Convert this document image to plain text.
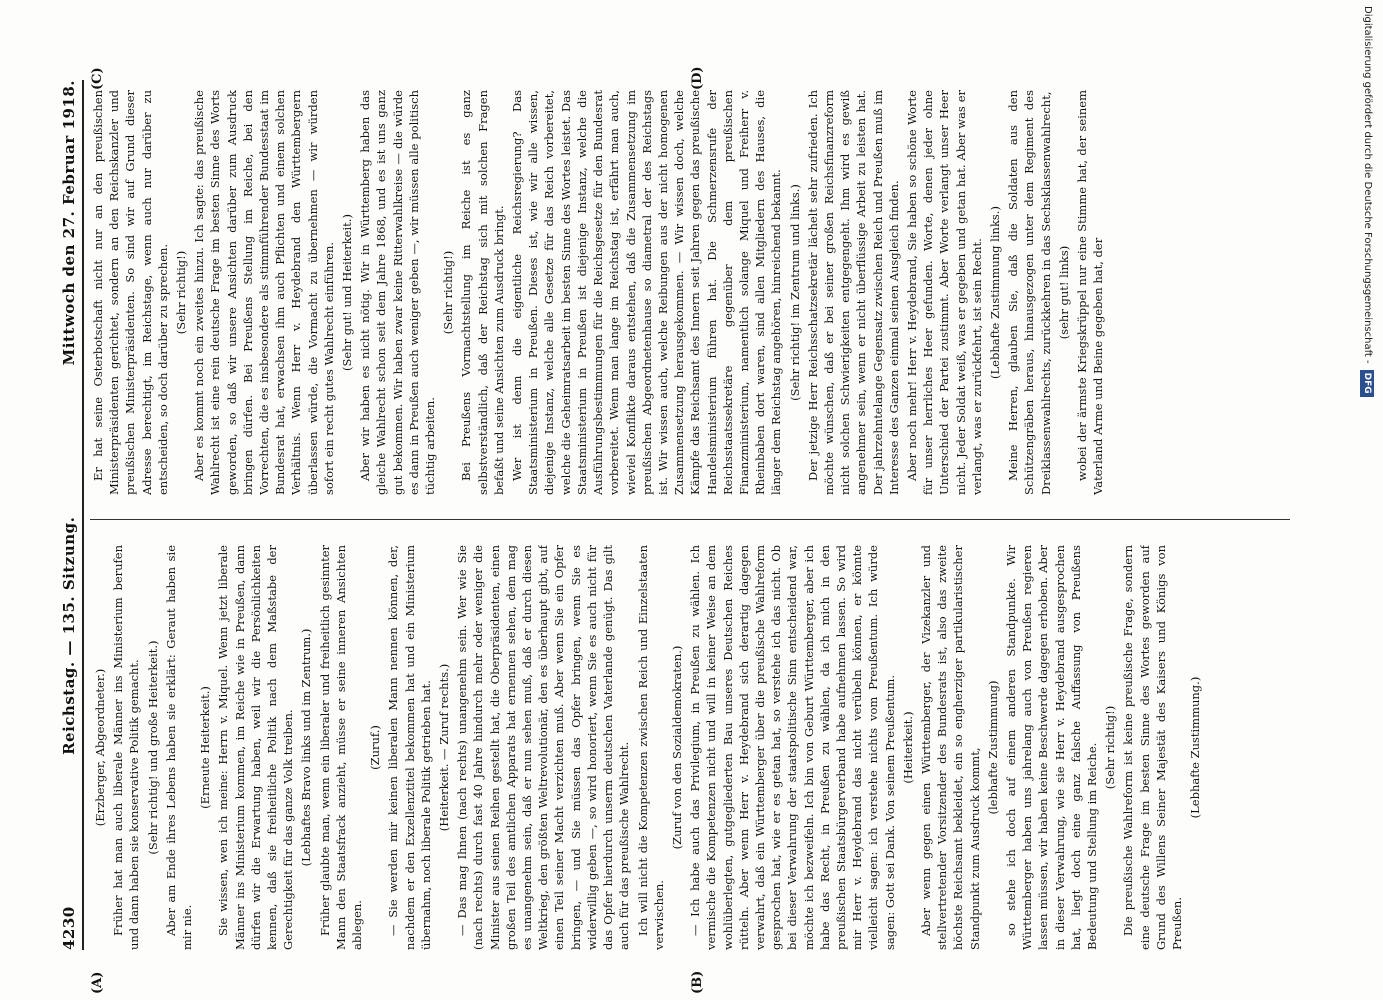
4230
Reichstag. — 135. Sitzung.
Mittwoch den 27. Februar 1918.
(A)	(B)
(C)	(D)

(Erzberger, Abgeordneter.) Früher hat man auch liberale Männer ins Ministerium berufen und dann haben sie konservative Politik gemacht. (Sehr richtig! und große Heiterkeit.) Aber am Ende ihres Lebens haben sie erklärt: Geraut haben sie mir nie.

(Erneute Heiterkeit.) Sie wissen, wen ich meine: Herrn v. Miquel. Wenn jetzt liberale Männer ins Ministerium kommen, im Reiche wie in Preußen, dann dürfen wir die Erwartung haben, weil wir die Persönlichkeiten kennen, daß sie freiheitliche Politik nach dem Maßstabe der Gerechtigkeit für das ganze Volk treiben. (Lebhaftes Bravo links und im Zentrum.) Früher glaubte man, wenn ein liberaler und freiheitlich gesinnter Mann den Staatsfrack anzieht, müsse er seine inneren Ansichten ablegen.

(Zuruf.) — Sie werden mir keinen liberalen Mann nennen können, der, nachdem er den Exzellenztitel bekommen hat und ein Ministerium übernahm, noch liberale Politik getrieben hat. (Heiterkeit. — Zuruf rechts.) — Das mag Ihnen (nach rechts) unangenehm sein. Wer wie Sie (nach rechts) durch fast 40 Jahre hindurch mehr oder weniger die Minister aus seinen Reihen gestellt hat, die Oberpräsidenten, einen großen Teil des amtlichen Apparats hat ernennen sehen, dem mag es unangenehm sein, daß er nun sehen muß, daß er durch diesen Weltkrieg, den größten Weltrevolutionär, den es überhaupt gibt, auf einen Teil seiner Macht verzichten muß. Aber wenn Sie ein Opfer bringen, — und Sie müssen das Opfer bringen, wenn Sie es widerwillig geben —, so wird honoriert, wenn Sie es auch nicht für das Opfer hierdurch unserm deutschen Vaterlande genügt. Das gilt auch für das preußische Wahlrecht. Ich will nicht die Kompetenzen zwischen Reich und Einzelstaaten verwischen.

(Zuruf von den Sozialdemokraten.) — Ich habe auch das Privilegium, in Preußen zu wählen. Ich vermische die Kompetenzen nicht und will in keiner Weise an dem wohlüberlegten, gutgegliederten Bau unseres Deutschen Reiches rütteln. Aber wenn Herr v. Heydebrand sich derartig dagegen verwahrt, daß ein Württemberger über die preußische Wahlreform gesprochen hat, wie er es getan hat, so verstehe ich das nicht. Ob bei dieser Verwahrung der staatspolitische Sinn entscheidend war, möchte ich bezweifeln. Ich bin von Geburt Württemberger, aber ich habe das Recht, in Preußen zu wählen, da ich mich in den preußischen Staatsbürgerverband habe aufnehmen lassen. So wird mir Herr v. Heydebrand das nicht verübeln können, er könnte vielleicht sagen: ich verstehe nichts vom Preußentum. Ich würde sagen: Gott sei Dank. Von seinem Preußentum. (Heiterkeit.) Aber wenn gegen einen Württemberger, der Vizekanzler und stellvertretender Vorsitzender des Bundesrats ist, also das zweite höchste Reichsamt bekleidet, ein so engherziger partikularistischer Standpunkt zum Ausdruck kommt, (lebhafte Zustimmung) so stehe ich doch auf einem anderen Standpunkte. Wir Württemberger haben uns jahrelang auch von Preußen regieren lassen müssen, wir haben keine Beschwerde dagegen erhoben. Aber in dieser Verwahrung, wie sie Herr v. Heydebrand ausgesprochen hat, liegt doch eine ganz falsche Auffassung von Preußens Bedeutung und Stellung im Reiche. (Sehr richtig!) Die preußische Wahlreform ist keine preußische Frage, sondern eine deutsche Frage im besten Sinne des Wortes geworden auf Grund des Willens Seiner Majestät des Kaisers und Königs von Preußen.

(Lebhafte Zustimmung.)

Er hat seine Osterbotschaft nicht nur an den preußischen Ministerpräsidenten gerichtet, sondern an den Reichskanzler und preußischen Ministerpräsidenten. So sind wir auf Grund dieser Adresse berechtigt, im Reichstage, wenn auch nur darüber zu entscheiden, so doch darüber zu sprechen. (Sehr richtig!) Aber es kommt noch ein zweites hinzu. Ich sagte: das preußische Wahlrecht ist eine rein deutsche Frage im besten Sinne des Worts geworden, so daß wir unsere Ansichten darüber zum Ausdruck bringen dürfen. Bei Preußens Stellung im Reiche, bei den Vorrechten, die es insbesondere als stimmführender Bundesstaat im Bundesrat hat, erwachsen ihm auch Pflichten und einem solchen Verhältnis. Wenn Herr v. Heydebrand den Württembergern überlassen würde, die Vormacht zu übernehmen — wir würden sofort ein recht gutes Wahlrecht einführen. (Sehr gut! und Heiterkeit.) Aber wir haben es nicht nötig. Wir in Württemberg haben das gleiche Wahlrecht schon seit dem Jahre 1868, und es ist uns ganz gut bekommen. Wir haben zwar keine Ritterwahlkreise — die würde es dann in Preußen auch weniger geben —, wir müssen alle politisch tüchtig arbeiten.

(Sehr richtig!) Bei Preußens Vormachtstellung im Reiche ist es ganz selbstverständlich, daß der Reichstag sich mit solchen Fragen befaßt und seine Ansichten zum Ausdruck bringt. Wer ist denn die eigentliche Reichsregierung? Das Staatsministerium in Preußen. Dieses ist, wie wir alle wissen, diejenige Instanz, welche alle Gesetze für das Reich vorbereitet, welche die Geheimratsarbeit im besten Sinne des Wortes leistet. Das Staatsministerium in Preußen ist diejenige Instanz, welche die Ausführungsbestimmungen für die Reichsgesetze für den Bundesrat vorbereitet. Wenn man lange im Reichstag ist, erfährt man auch, wieviel Konflikte daraus entstehen, daß die Zusammensetzung im preußischen Abgeordnetenhause so diametral der des Reichstags ist. Wir wissen auch, welche Reibungen aus der nicht homogenen Zusammensetzung herausgekommen. — Wir wissen doch, welche Kämpfe das Reichsamt des Innern seit Jahren gegen das preußische Handelsministerium führen hat. Die Schmerzensrufe der Reichsstaatssekretäre gegenüber dem preußischen Finanzministerium, namentlich solange Miquel und Freiherr v. Rheinbaben dort waren, sind allen Mitgliedern des Hauses, die länger dem Reichstag angehören, hinreichend bekannt. (Sehr richtig! im Zentrum und links.) Der jetzige Herr Reichsschatzsekretär lächelt sehr zufrieden. Ich möchte wünschen, daß er bei seiner großen Reichsfinanzreform nicht solchen Schwierigkeiten entgegengeht. Ihm wird es gewiß angenehmer sein, wenn er nicht überflüssige Arbeit zu leisten hat. Der jahrzehntelange Gegensatz zwischen Reich und Preußen muß im Interesse des Ganzen einmal seinen Ausgleich finden. Aber noch mehr! Herr v. Heydebrand, Sie haben so schöne Worte für unser herrliches Heer gefunden. Worte, denen jeder ohne Unterschied der Partei zustimmt. Aber Worte verlangt unser Heer nicht. Jeder Soldat weiß, was er gegeben und getan hat. Aber was er verlangt, was er zurückfehrt, ist sein Recht. (Lebhafte Zustimmung links.) Meine Herren, glauben Sie, daß die Soldaten aus den Schützengräben heraus, hinausgezogen unter dem Regiment des Dreiklassenwahlrechts, zurückkehren in das Sechsklassenwahlrecht, (sehr gut! links) wobei der ärmste Kriegskrüppel nur eine Stimme hat, der seinem Vaterland Arme und Beine gegeben hat, der

Digitalisierung gefördert durch die Deutsche Forschungsgemeinschaft -
DFG
